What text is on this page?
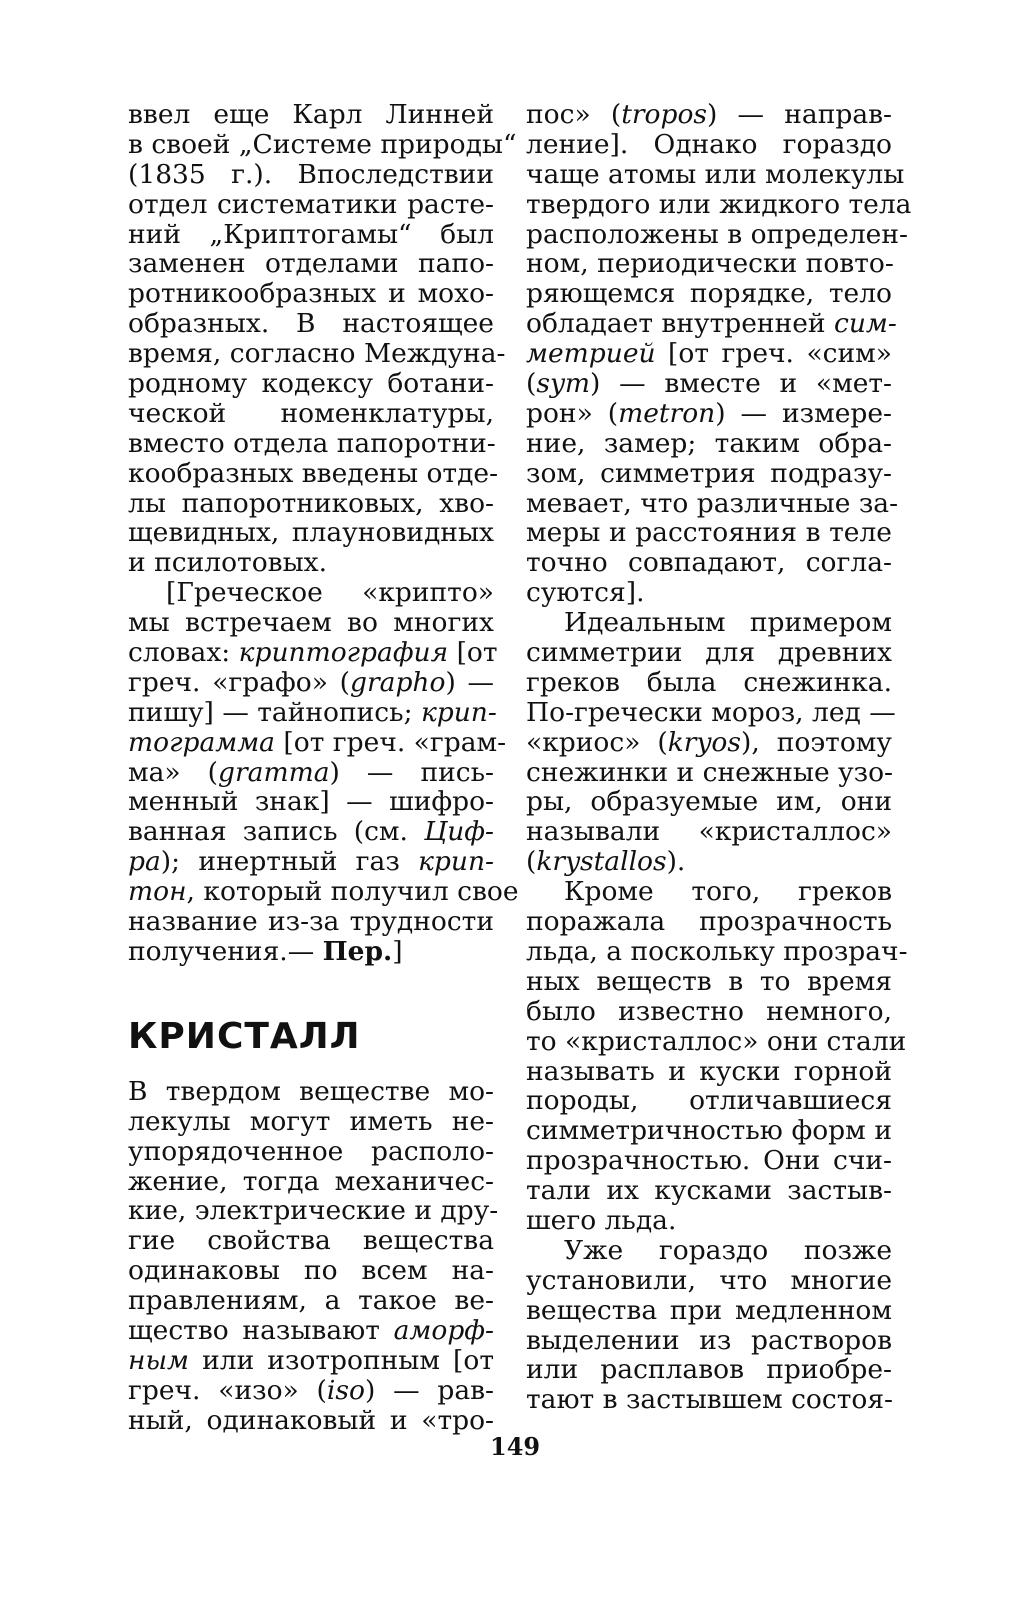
ввел еще Карл Линней
в своей „Системе природы“
(1835 г.). Впоследствии
отдел систематики расте-
ний „Криптогамы“ был
заменен отделами папо-
ротникообразных и мохо-
образных. В настоящее
время, согласно Междуна-
родному кодексу ботани-
ческой номенклатуры,
вместо отдела папоротни-
кообразных введены отде-
лы папоротниковых, хво-
щевидных, плауновидных
и псилотовых.
[Греческое «крипто»
мы встречаем во многих
словах: криптография [от
греч. «графо» (grapho) —
пишу] — тайнопись; крип-
тограмма [от греч. «грам-
ма» (gramma) — пись-
менный знак] — шифро-
ванная запись (см. Циф-
ра); инертный газ крип-
тон, который получил свое
название из-за трудности
получения.— Пер.]
КРИСТАЛЛ
В твердом веществе мо-
лекулы могут иметь не-
упорядоченное располо-
жение, тогда механичес-
кие, электрические и дру-
гие свойства вещества
одинаковы по всем на-
правлениям, а такое ве-
щество называют аморф-
ным или изотропным [от
греч. «изо» (iso) — рав-
ный, одинаковый и «тро-
пос» (tropos) — направ-
ление]. Однако гораздо
чаще атомы или молекулы
твердого или жидкого тела
расположены в определен-
ном, периодически повто-
ряющемся порядке, тело
обладает внутренней сим-
метрией [от греч. «сим»
(sym) — вместе и «мет-
рон» (metron) — измере-
ние, замер; таким обра-
зом, симметрия подразу-
мевает, что различные за-
меры и расстояния в теле
точно совпадают, согла-
суются].
Идеальным примером
симметрии для древних
греков была снежинка.
По-гречески мороз, лед —
«криос» (kryos), поэтому
снежинки и снежные узо-
ры, образуемые им, они
называли «кристаллос»
(krystallos).
Кроме того, греков
поражала прозрачность
льда, а поскольку прозрач-
ных веществ в то время
было известно немного,
то «кристаллос» они стали
называть и куски горной
породы, отличавшиеся
симметричностью форм и
прозрачностью. Они счи-
тали их кусками застыв-
шего льда.
Уже гораздо позже
установили, что многие
вещества при медленном
выделении из растворов
или расплавов приобре-
тают в застывшем состоя-
149
